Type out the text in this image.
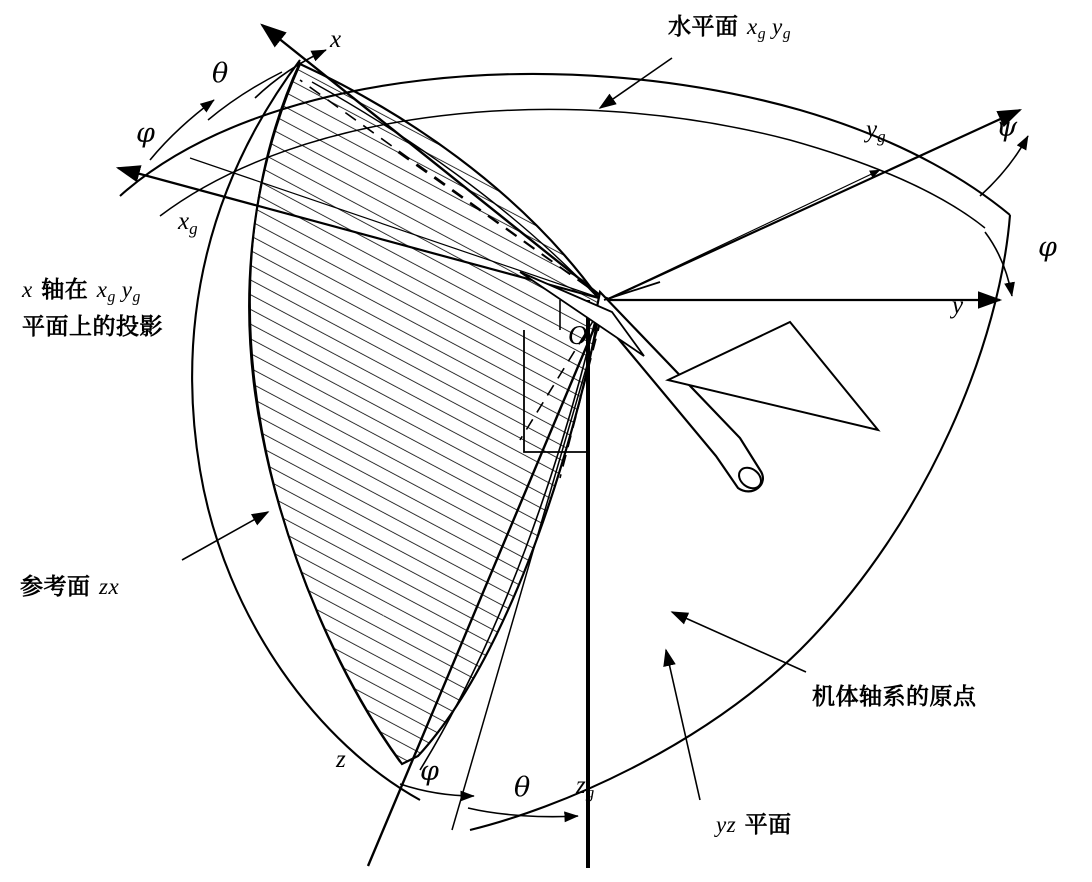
x
$x_g$
$y_g$
y
z
$z_g$
O
θ
φ	ψ
φ
φ
θ
水平面 $x_g$ $y_g$
x 轴在 $x_g$ $y_g$
平面上的投影
参考面 zx
机体轴系的原点
yz 平面
